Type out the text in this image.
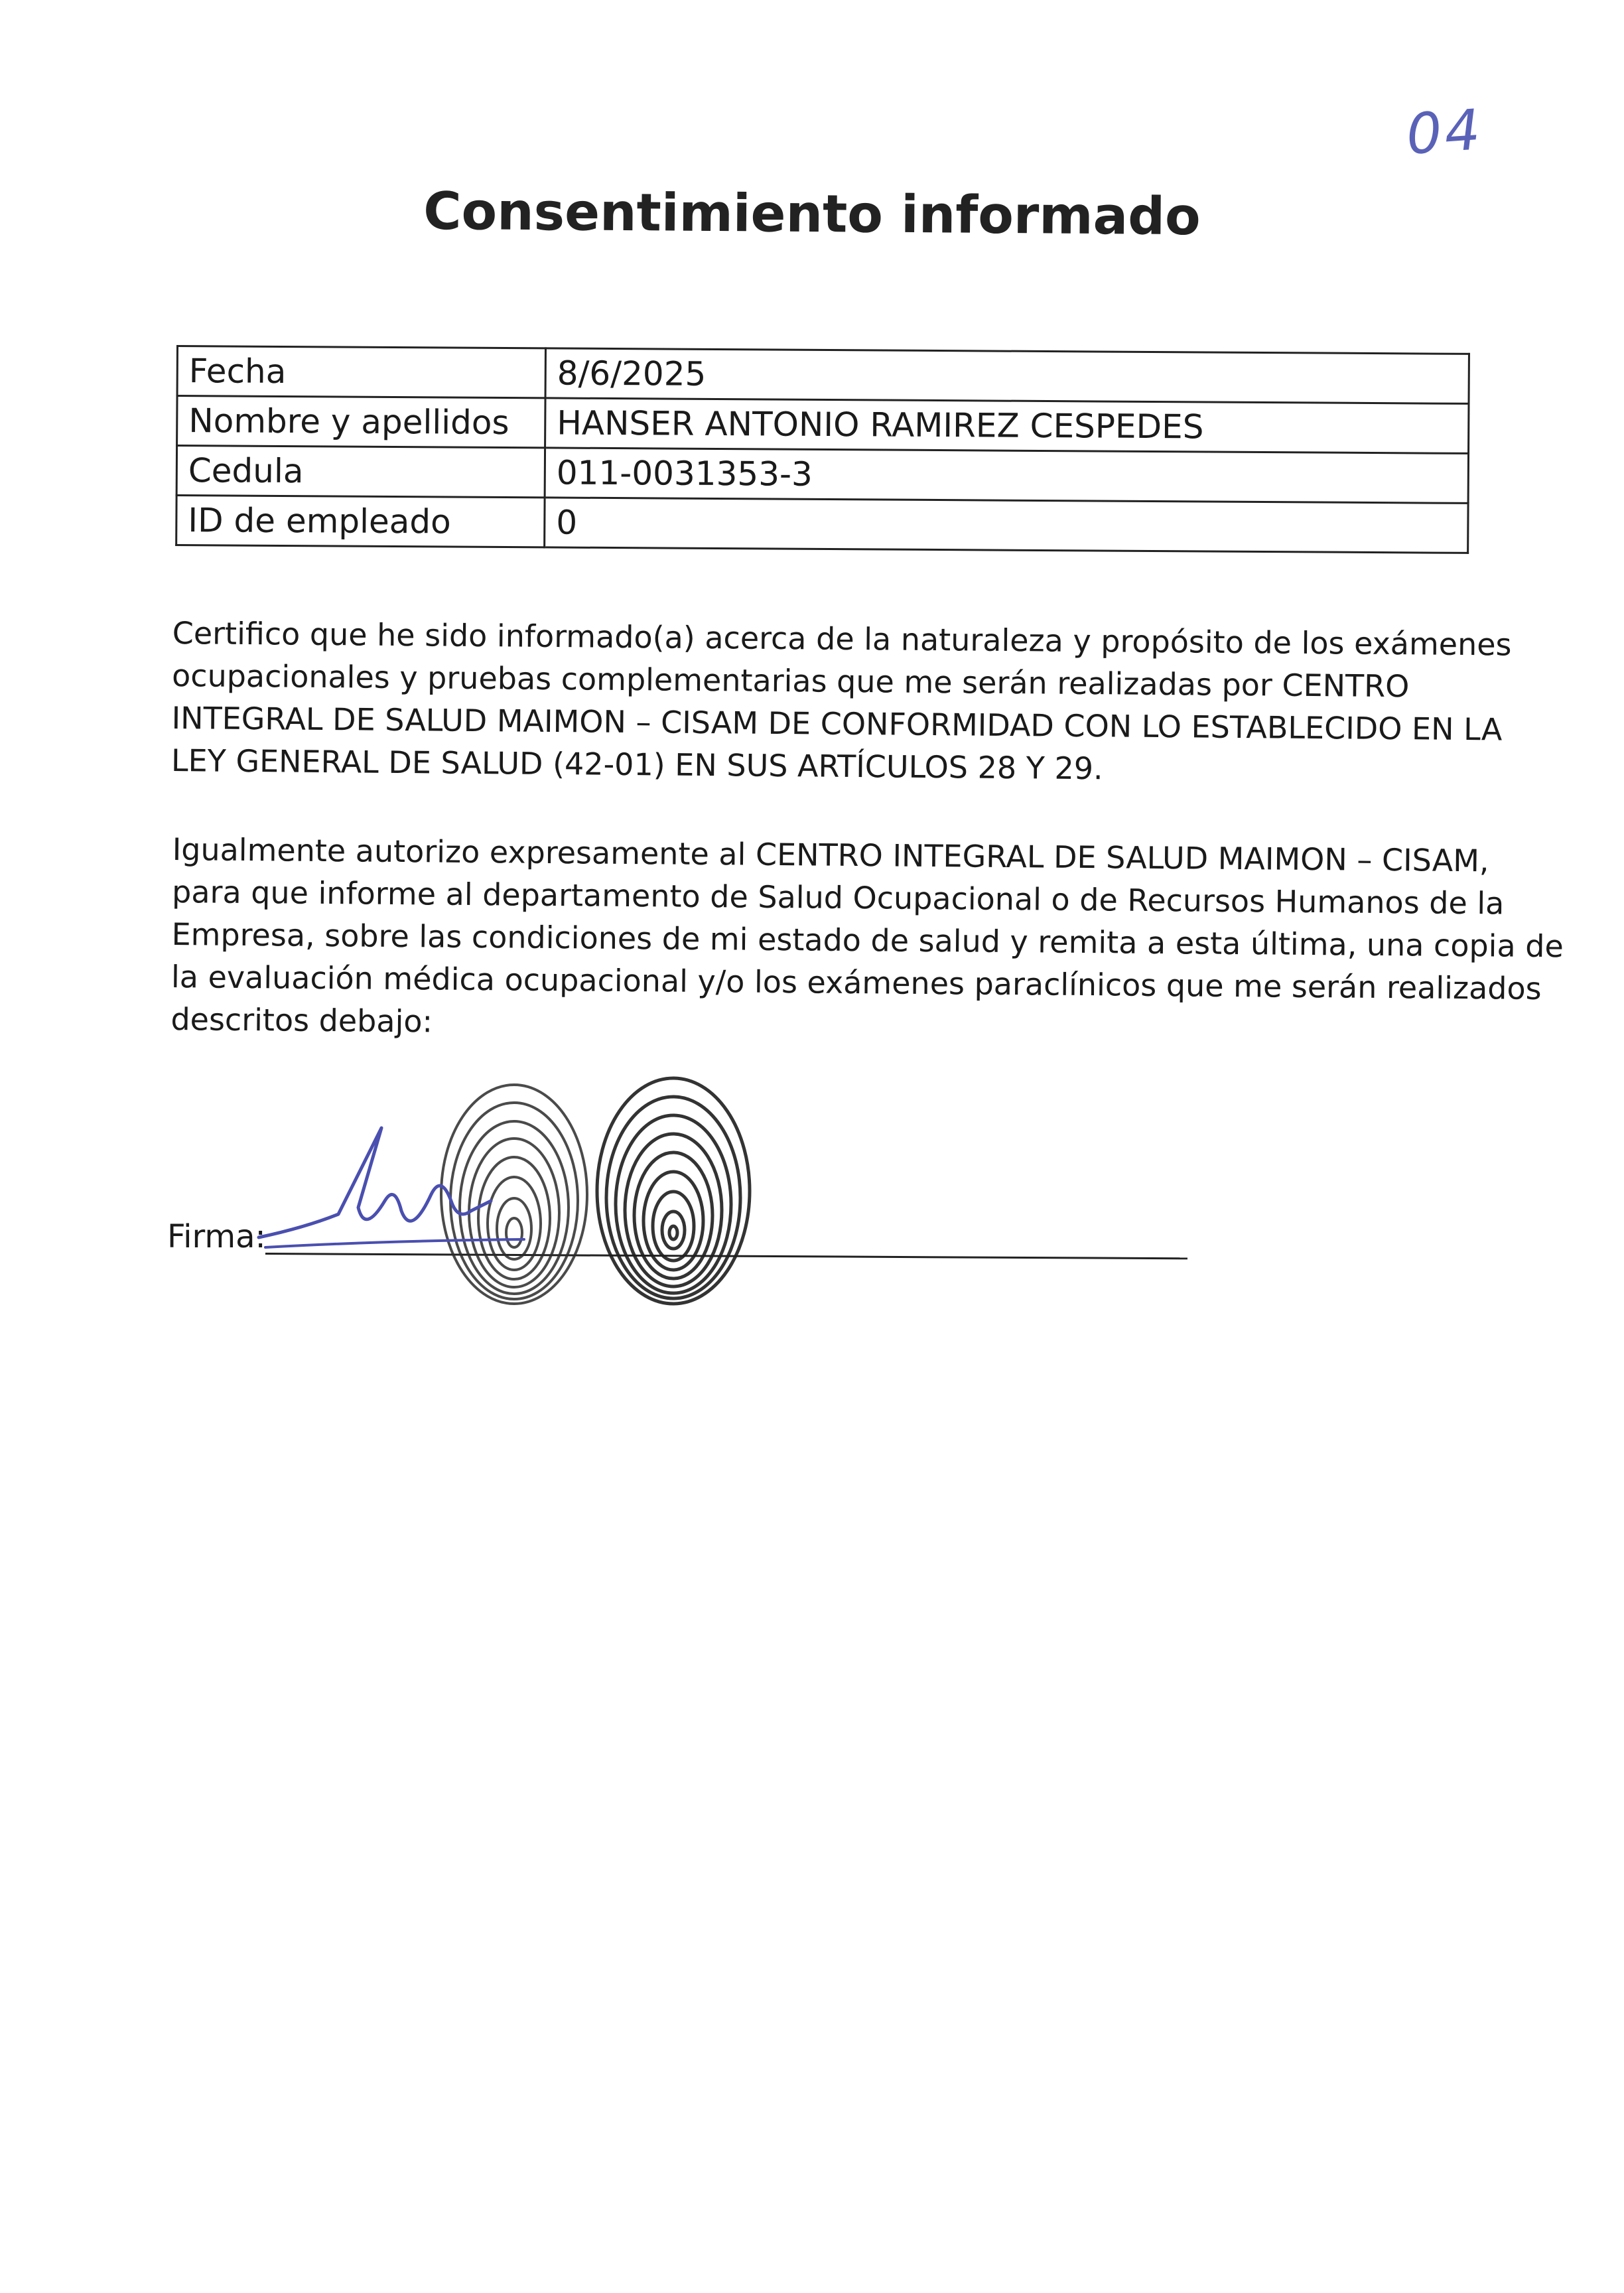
04
Consentimiento informado
Fecha	8/6/2025
Nombre y apellidos	HANSER ANTONIO RAMIREZ CESPEDES
Cedula	011-0031353-3
ID de empleado	0
Certifico que he sido informado(a) acerca de la naturaleza y propósito de los exámenes
ocupacionales y pruebas complementarias que me serán realizadas por CENTRO
INTEGRAL DE SALUD MAIMON – CISAM DE CONFORMIDAD CON LO ESTABLECIDO EN LA
LEY GENERAL DE SALUD (42-01) EN SUS ARTÍCULOS 28 Y 29.
Igualmente autorizo expresamente al CENTRO INTEGRAL DE SALUD MAIMON – CISAM,
para que informe al departamento de Salud Ocupacional o de Recursos Humanos de la
Empresa, sobre las condiciones de mi estado de salud y remita a esta última, una copia de
la evaluación médica ocupacional y/o los exámenes paraclínicos que me serán realizados
descritos debajo:
Firma:
